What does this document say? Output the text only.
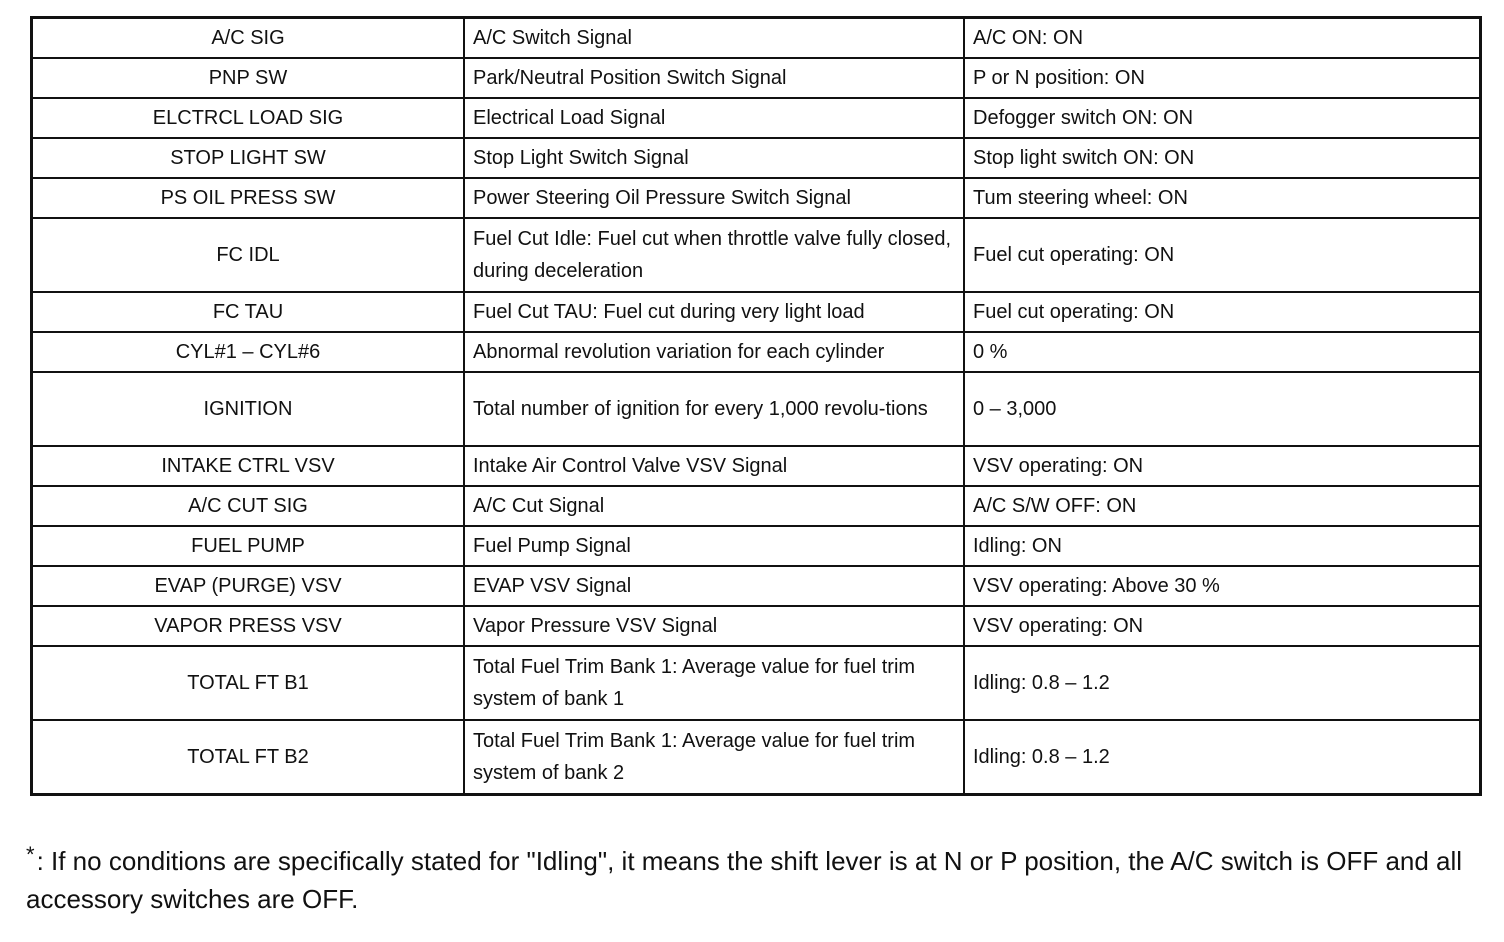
A/C SIG	A/C Switch Signal	A/C ON: ON
PNP SW	Park/Neutral Position Switch Signal	P or N position: ON
ELCTRCL LOAD SIG	Electrical Load Signal	Defogger switch ON: ON
STOP LIGHT SW	Stop Light Switch Signal	Stop light switch ON: ON
PS OIL PRESS SW	Power Steering Oil Pressure Switch Signal	Tum steering wheel: ON
FC IDL	Fuel Cut Idle: Fuel cut when throttle valve fully closed, during deceleration	Fuel cut operating: ON
FC TAU	Fuel Cut TAU: Fuel cut during very light load	Fuel cut operating: ON
CYL#1 – CYL#6	Abnormal revolution variation for each cylinder	0 %
IGNITION	Total number of ignition for every 1,000 revolu-tions	0 – 3,000
INTAKE CTRL VSV	Intake Air Control Valve VSV Signal	VSV operating: ON
A/C CUT SIG	A/C Cut Signal	A/C S/W OFF: ON
FUEL PUMP	Fuel Pump Signal	Idling: ON
EVAP (PURGE) VSV	EVAP VSV Signal	VSV operating: Above 30 %
VAPOR PRESS VSV	Vapor Pressure VSV Signal	VSV operating: ON
TOTAL FT B1	Total Fuel Trim Bank 1: Average value for fuel trim system of bank 1	Idling: 0.8 – 1.2
TOTAL FT B2	Total Fuel Trim Bank 1: Average value for fuel trim system of bank 2	Idling: 0.8 – 1.2
*: If no conditions are specifically stated for "Idling", it means the shift lever is at N or P position, the A/C switch is OFF and all accessory switches are OFF.
